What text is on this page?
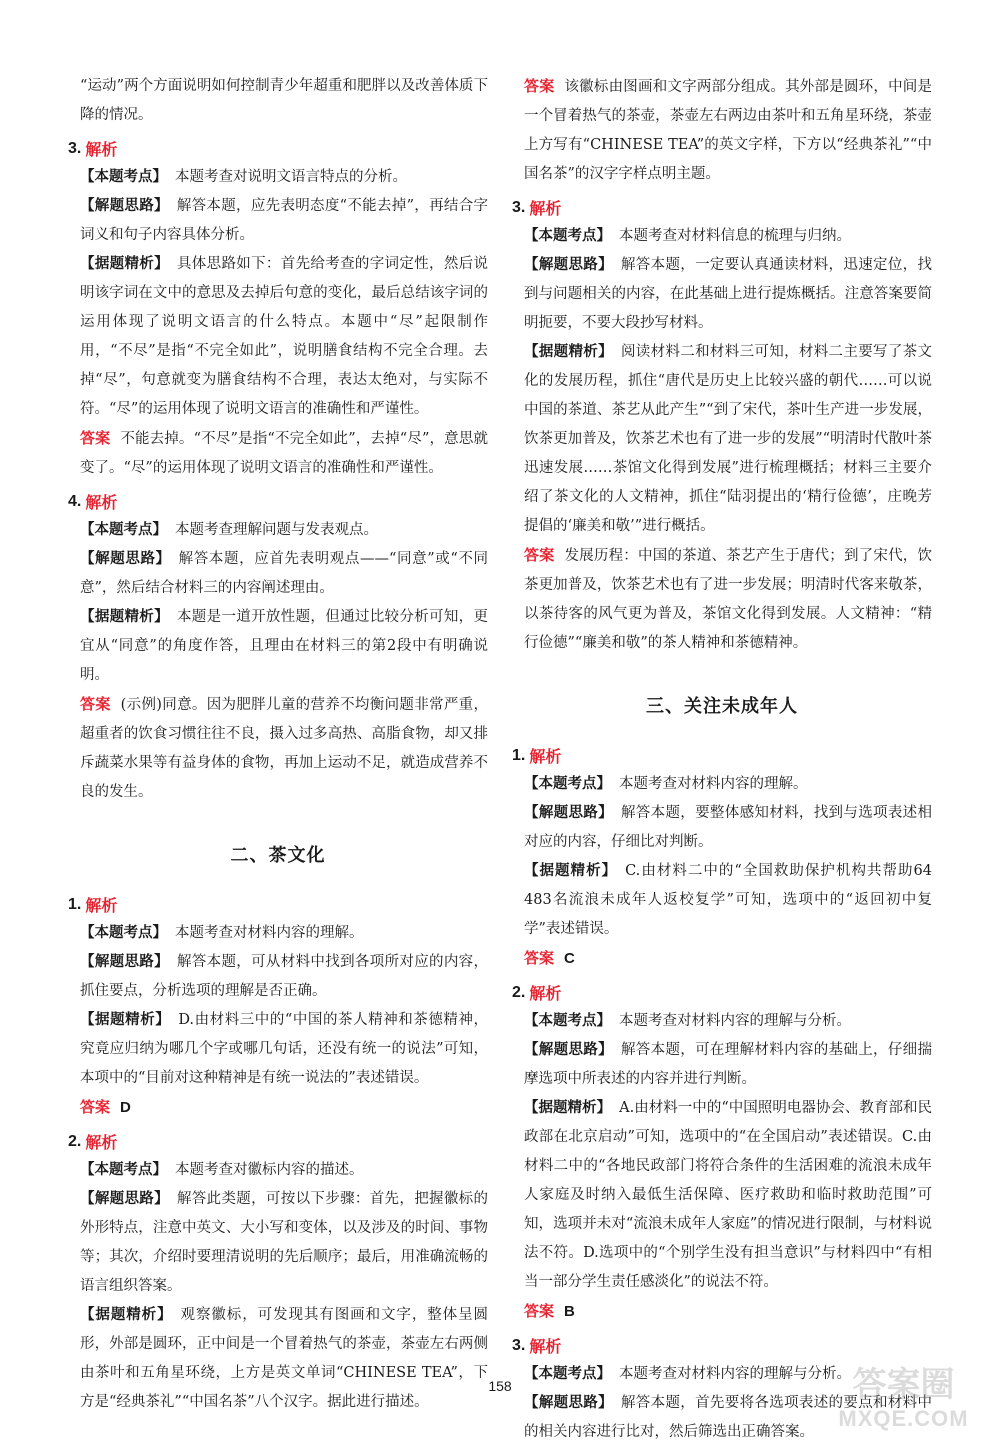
“运动”两个方面说明如何控制青少年超重和肥胖以及改善体质下降的情况。
3. 解析
【本题考点】 本题考查对说明文语言特点的分析。
【解题思路】 解答本题，应先表明态度“不能去掉”，再结合字词义和句子内容具体分析。
【据题精析】 具体思路如下：首先给考查的字词定性，然后说明该字词在文中的意思及去掉后句意的变化，最后总结该字词的运用体现了说明文语言的什么特点。本题中“尽”起限制作用，“不尽”是指“不完全如此”，说明膳食结构不完全合理。去掉“尽”，句意就变为膳食结构不合理，表达太绝对，与实际不符。“尽”的运用体现了说明文语言的准确性和严谨性。
答案 不能去掉。“不尽”是指“不完全如此”，去掉“尽”，意思就变了。“尽”的运用体现了说明文语言的准确性和严谨性。
4. 解析
【本题考点】 本题考查理解问题与发表观点。
【解题思路】 解答本题，应首先表明观点——“同意”或“不同意”，然后结合材料三的内容阐述理由。
【据题精析】 本题是一道开放性题，但通过比较分析可知，更宜从“同意”的角度作答，且理由在材料三的第2段中有明确说明。
答案 (示例)同意。因为肥胖儿童的营养不均衡问题非常严重，超重者的饮食习惯往往不良，摄入过多高热、高脂食物，却又排斥蔬菜水果等有益身体的食物，再加上运动不足，就造成营养不良的发生。
二、茶文化
1. 解析
【本题考点】 本题考查对材料内容的理解。
【解题思路】 解答本题，可从材料中找到各项所对应的内容，抓住要点，分析选项的理解是否正确。
【据题精析】 D.由材料三中的“中国的茶人精神和茶德精神，究竟应归纳为哪几个字或哪几句话，还没有统一的说法”可知，本项中的“目前对这种精神是有统一说法的”表述错误。
答案 D
2. 解析
【本题考点】 本题考查对徽标内容的描述。
【解题思路】 解答此类题，可按以下步骤：首先，把握徽标的外形特点，注意中英文、大小写和变体，以及涉及的时间、事物等；其次，介绍时要理清说明的先后顺序；最后，用准确流畅的语言组织答案。
【据题精析】 观察徽标，可发现其有图画和文字，整体呈圆形，外部是圆环，正中间是一个冒着热气的茶壶，茶壶左右两侧由茶叶和五角星环绕，上方是英文单词“CHINESE TEA”，下方是“经典茶礼”“中国名茶”八个汉字。据此进行描述。
答案 该徽标由图画和文字两部分组成。其外部是圆环，中间是一个冒着热气的茶壶，茶壶左右两边由茶叶和五角星环绕，茶壶上方写有“CHINESE TEA”的英文字样，下方以“经典茶礼”“中国名茶”的汉字字样点明主题。
3. 解析
【本题考点】 本题考查对材料信息的梳理与归纳。
【解题思路】 解答本题，一定要认真通读材料，迅速定位，找到与问题相关的内容，在此基础上进行提炼概括。注意答案要简明扼要，不要大段抄写材料。
【据题精析】 阅读材料二和材料三可知，材料二主要写了茶文化的发展历程，抓住“唐代是历史上比较兴盛的朝代……可以说中国的茶道、茶艺从此产生”“到了宋代，茶叶生产进一步发展，饮茶更加普及，饮茶艺术也有了进一步的发展”“明清时代散叶茶迅速发展……茶馆文化得到发展”进行梳理概括；材料三主要介绍了茶文化的人文精神，抓住“陆羽提出的‘精行俭德’，庄晚芳提倡的‘廉美和敬’”进行概括。
答案 发展历程：中国的茶道、茶艺产生于唐代；到了宋代，饮茶更加普及，饮茶艺术也有了进一步发展；明清时代客来敬茶，以茶待客的风气更为普及，茶馆文化得到发展。人文精神：“精行俭德”“廉美和敬”的茶人精神和茶德精神。
三、关注未成年人
1. 解析
【本题考点】 本题考查对材料内容的理解。
【解题思路】 解答本题，要整体感知材料，找到与选项表述相对应的内容，仔细比对判断。
【据题精析】 C.由材料二中的“全国救助保护机构共帮助64 483名流浪未成年人返校复学”可知，选项中的“返回初中复学”表述错误。
答案 C
2. 解析
【本题考点】 本题考查对材料内容的理解与分析。
【解题思路】 解答本题，可在理解材料内容的基础上，仔细揣摩选项中所表述的内容并进行判断。
【据题精析】 A.由材料一中的“中国照明电器协会、教育部和民政部在北京启动”可知，选项中的“在全国启动”表述错误。C.由材料二中的“各地民政部门将符合条件的生活困难的流浪未成年人家庭及时纳入最低生活保障、医疗救助和临时救助范围”可知，选项并未对“流浪未成年人家庭”的情况进行限制，与材料说法不符。D.选项中的“个别学生没有担当意识”与材料四中“有相当一部分学生责任感淡化”的说法不符。
答案 B
3. 解析
【本题考点】 本题考查对材料内容的理解与分析。
【解题思路】 解答本题，首先要将各选项表述的要点和材料中的相关内容进行比对，然后筛选出正确答案。
158	答案圈
MXQE.COM
